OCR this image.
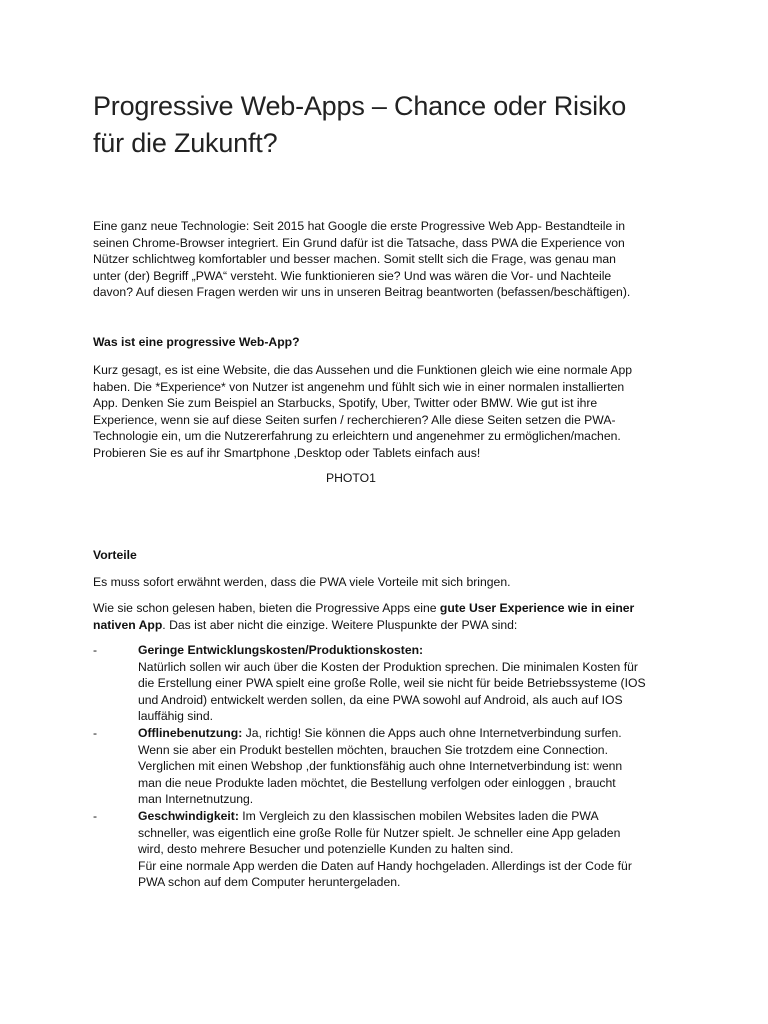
Progressive Web-Apps – Chance oder Risiko
für die Zukunft?

Eine ganz neue Technologie: Seit 2015 hat Google die erste Progressive Web App- Bestandteile in
seinen Chrome-Browser integriert. Ein Grund dafür ist die Tatsache, dass PWA die Experience von
Nützer schlichtweg komfortabler und besser machen. Somit stellt sich die Frage, was genau man
unter (der) Begriff „PWA“ versteht. Wie funktionieren sie? Und was wären die Vor- und Nachteile
davon? Auf diesen Fragen werden wir uns in unseren Beitrag beantworten (befassen/beschäftigen).

Was ist eine progressive Web-App?

Kurz gesagt, es ist eine Website, die das Aussehen und die Funktionen gleich wie eine normale App
haben. Die *Experience* von Nutzer ist angenehm und fühlt sich wie in einer normalen installierten
App. Denken Sie zum Beispiel an Starbucks, Spotify, Uber, Twitter oder BMW. Wie gut ist ihre
Experience, wenn sie auf diese Seiten surfen / recherchieren? Alle diese Seiten setzen die PWA-
Technologie ein, um die Nutzererfahrung zu erleichtern und angenehmer zu ermöglichen/machen.
Probieren Sie es auf ihr Smartphone ,Desktop oder Tablets einfach aus!

PHOTO1

Vorteile

Es muss sofort erwähnt werden, dass die PWA viele Vorteile mit sich bringen.

Wie sie schon gelesen haben, bieten die Progressive Apps eine gute User Experience wie in einer
nativen App. Das ist aber nicht die einzige. Weitere Pluspunkte der PWA sind:

-	Geringe Entwicklungskosten/Produktionskosten:
Natürlich sollen wir auch über die Kosten der Produktion sprechen. Die minimalen Kosten für
die Erstellung einer PWA spielt eine große Rolle, weil sie nicht für beide Betriebssysteme (IOS
und Android) entwickelt werden sollen, da eine PWA sowohl auf Android, als auch auf IOS
lauffähig sind.
-	Offlinebenutzung: Ja, richtig! Sie können die Apps auch ohne Internetverbindung surfen.
Wenn sie aber ein Produkt bestellen möchten, brauchen Sie trotzdem eine Connection.
Verglichen mit einen Webshop ,der funktionsfähig auch ohne Internetverbindung ist: wenn
man die neue Produkte laden möchtet, die Bestellung verfolgen oder einloggen , braucht
man Internetnutzung.
-	Geschwindigkeit: Im Vergleich zu den klassischen mobilen Websites laden die PWA
schneller, was eigentlich eine große Rolle für Nutzer spielt. Je schneller eine App geladen
wird, desto mehrere Besucher und potenzielle Kunden zu halten sind.
Für eine normale App werden die Daten auf Handy hochgeladen. Allerdings ist der Code für
PWA schon auf dem Computer heruntergeladen.
